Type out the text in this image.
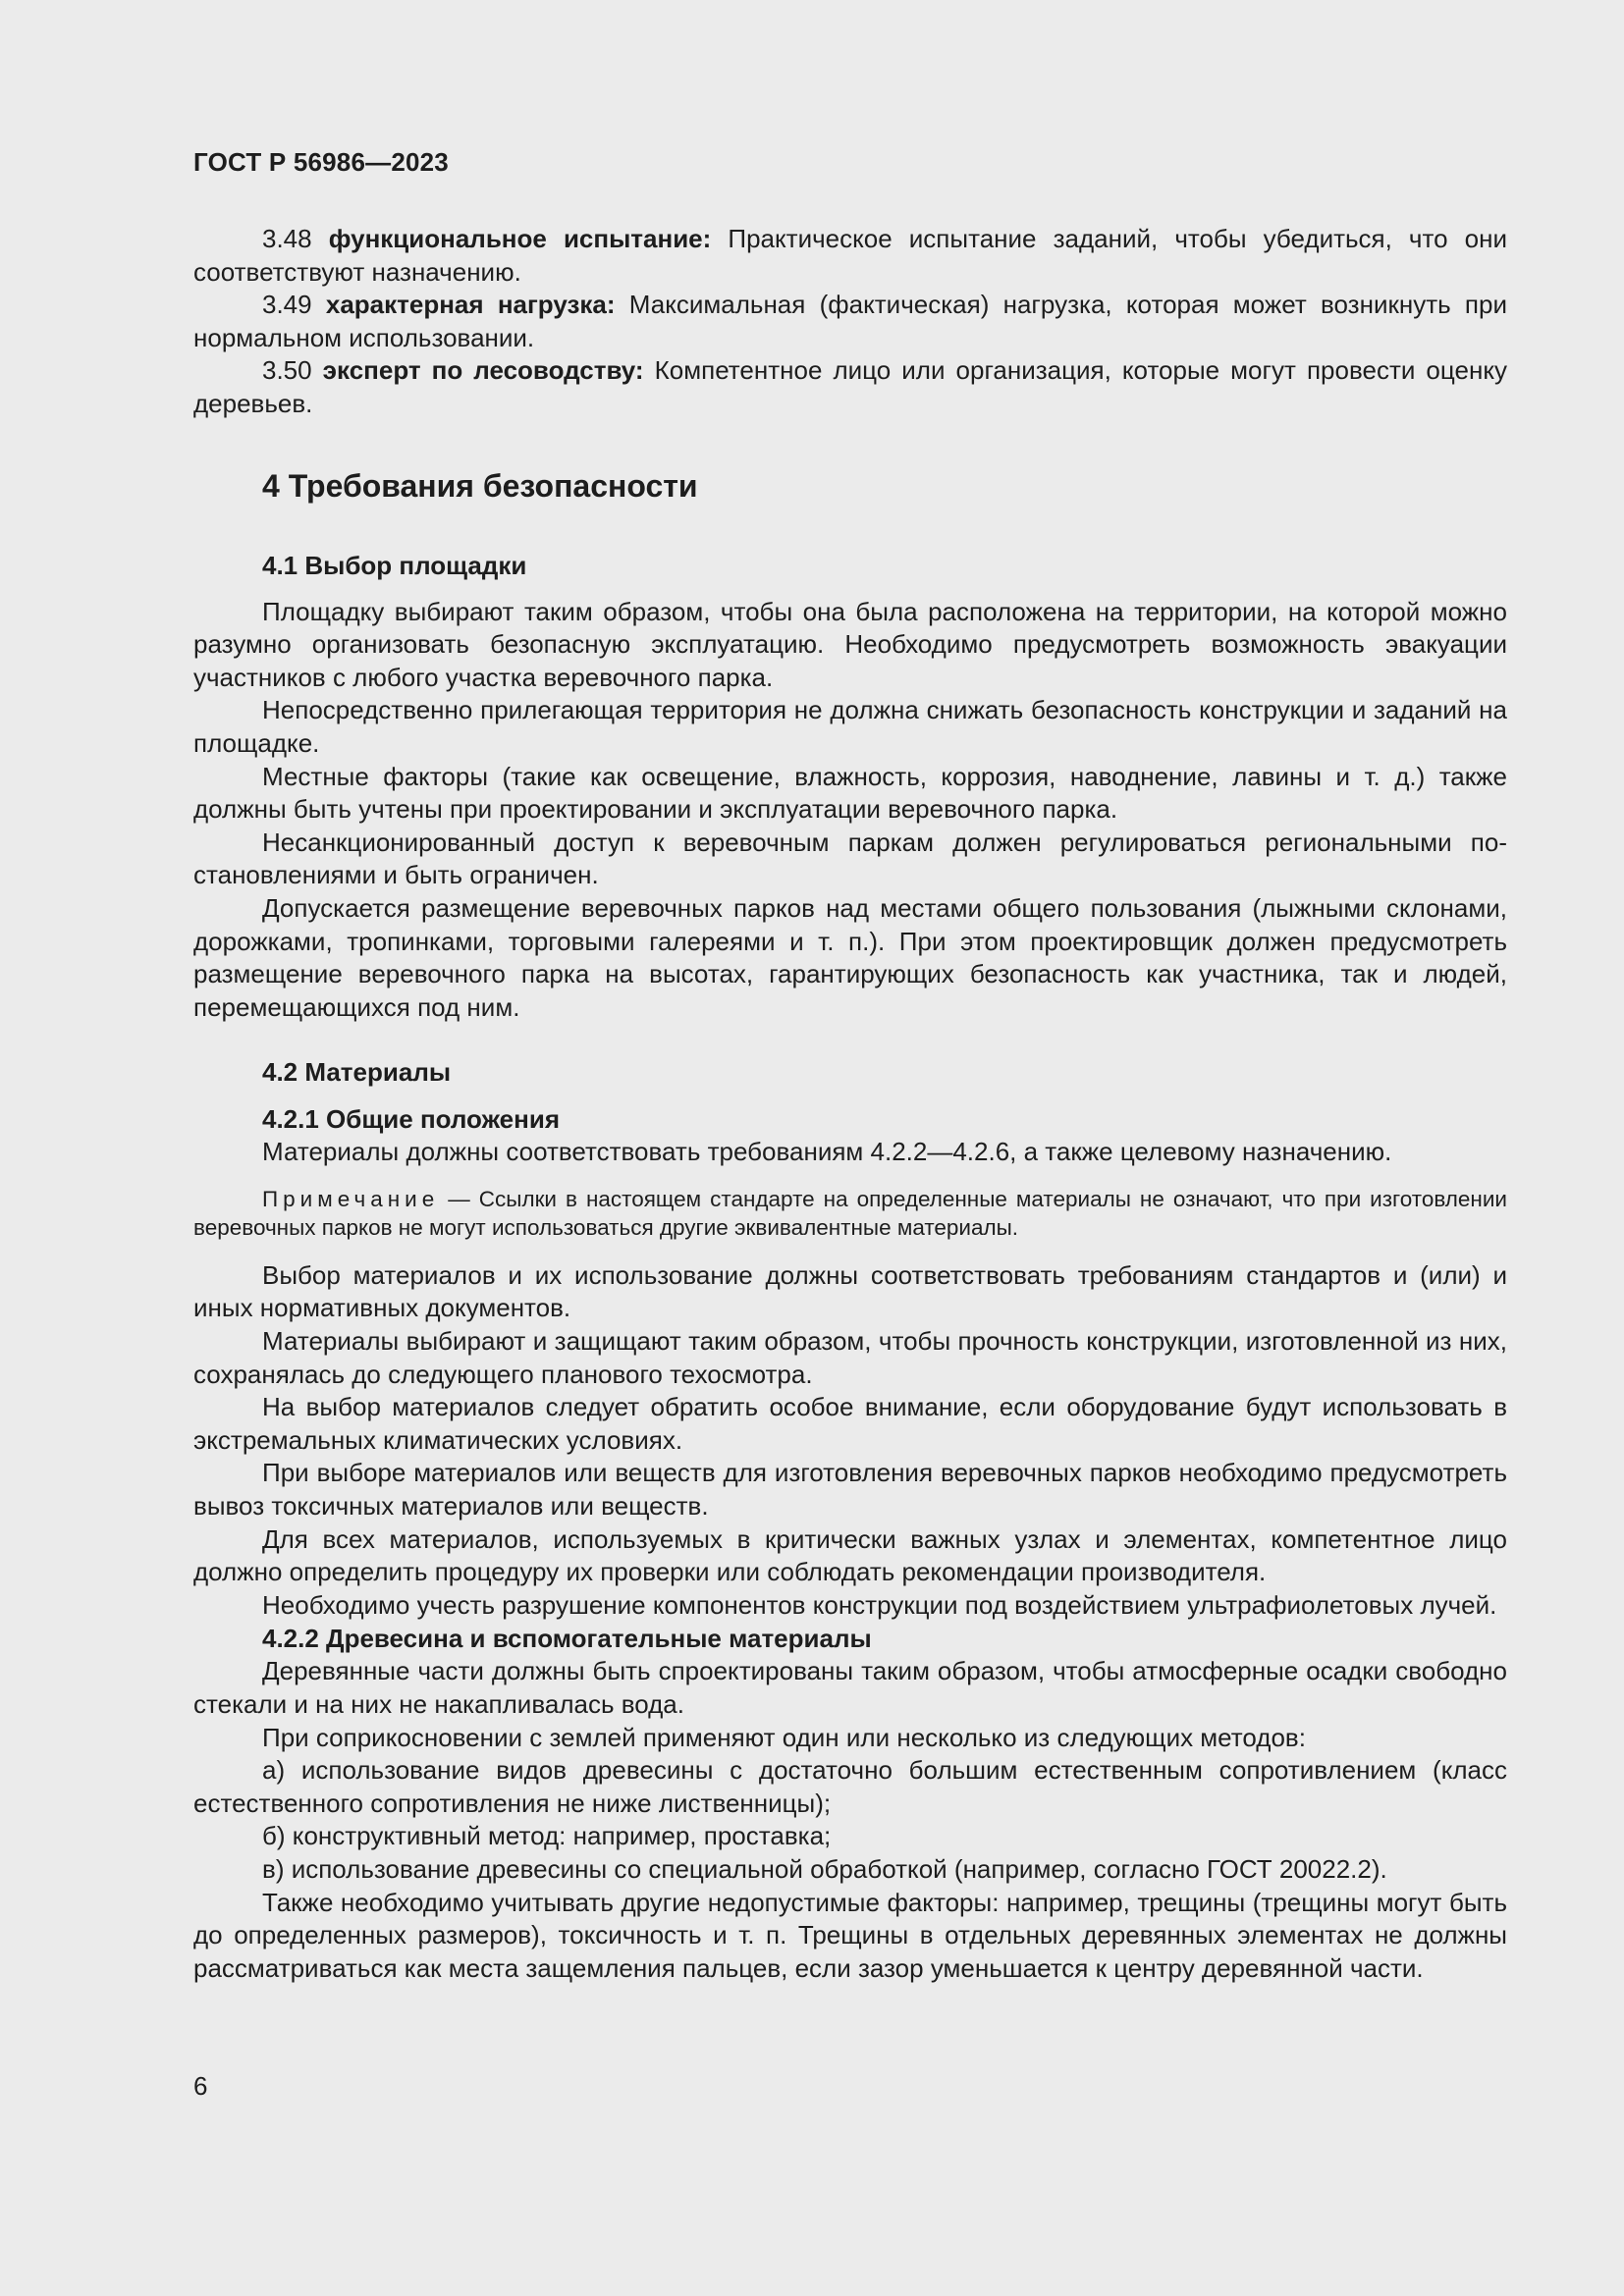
ГОСТ Р 56986—2023

3.48 функциональное испытание: Практическое испытание заданий, чтобы убедиться, что они соответствуют назначению.

3.49 характерная нагрузка: Максимальная (фактическая) нагрузка, которая может возникнуть при нормальном использовании.

3.50 эксперт по лесоводству: Компетентное лицо или организация, которые могут провести оценку деревьев.

4 Требования безопасности
4.1 Выбор площадки

Площадку выбирают таким образом, чтобы она была расположена на территории, на которой можно разумно организовать безопасную эксплуатацию. Необходимо предусмотреть возможность эвакуации участников с любого участка веревочного парка.

Непосредственно прилегающая территория не должна снижать безопасность конструкции и заданий на площадке.

Местные факторы (такие как освещение, влажность, коррозия, наводнение, лавины и т. д.) также должны быть учтены при проектировании и эксплуатации веревочного парка.

Несанкционированный доступ к веревочным паркам должен регулироваться региональными постановлениями и быть ограничен.

Допускается размещение веревочных парков над местами общего пользования (лыжными склонами, дорожками, тропинками, торговыми галереями и т. п.). При этом проектировщик должен предусмотреть размещение веревочного парка на высотах, гарантирующих безопасность как участника, так и людей, перемещающихся под ним.

4.2 Материалы
4.2.1 Общие положения

Материалы должны соответствовать требованиям 4.2.2—4.2.6, а также целевому назначению.

Примечание — Ссылки в настоящем стандарте на определенные материалы не означают, что при изготовлении веревочных парков не могут использоваться другие эквивалентные материалы.

Выбор материалов и их использование должны соответствовать требованиям стандартов и (или) и иных нормативных документов.

Материалы выбирают и защищают таким образом, чтобы прочность конструкции, изготовленной из них, сохранялась до следующего планового техосмотра.

На выбор материалов следует обратить особое внимание, если оборудование будут использовать в экстремальных климатических условиях.

При выборе материалов или веществ для изготовления веревочных парков необходимо предусмотреть вывоз токсичных материалов или веществ.

Для всех материалов, используемых в критически важных узлах и элементах, компетентное лицо должно определить процедуру их проверки или соблюдать рекомендации производителя.

Необходимо учесть разрушение компонентов конструкции под воздействием ультрафиолетовых лучей.

4.2.2 Древесина и вспомогательные материалы

Деревянные части должны быть спроектированы таким образом, чтобы атмосферные осадки свободно стекали и на них не накапливалась вода.

При соприкосновении с землей применяют один или несколько из следующих методов:

а) использование видов древесины с достаточно большим естественным сопротивлением (класс естественного сопротивления не ниже лиственницы);

б) конструктивный метод: например, проставка;

в) использование древесины со специальной обработкой (например, согласно ГОСТ 20022.2).

Также необходимо учитывать другие недопустимые факторы: например, трещины (трещины могут быть до определенных размеров), токсичность и т. п. Трещины в отдельных деревянных элементах не должны рассматриваться как места защемления пальцев, если зазор уменьшается к центру деревянной части.

6
